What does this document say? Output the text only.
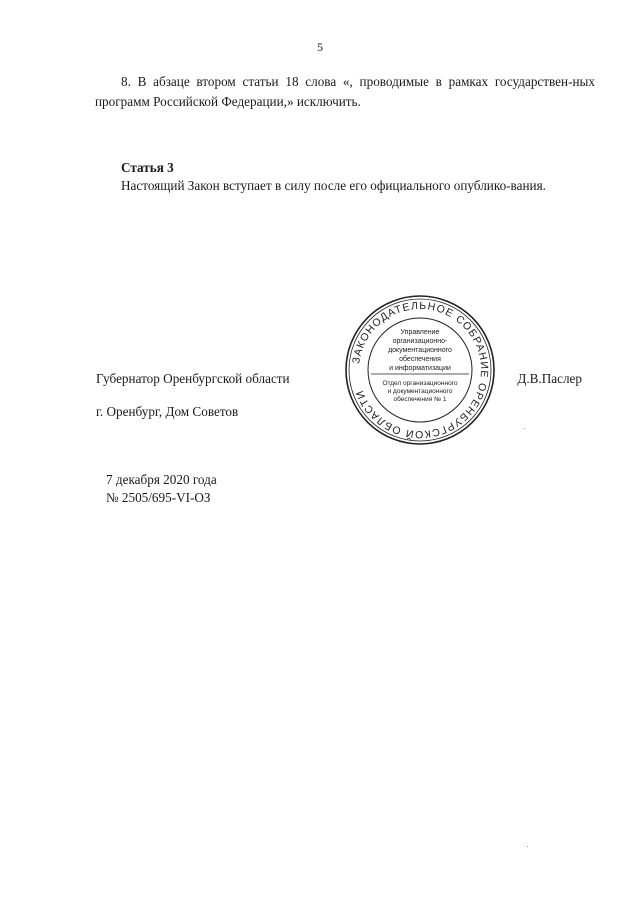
5
8. В абзаце втором статьи 18 слова «, проводимые в рамках государствен-ных программ Российской Федерации,» исключить.
Статья 3
Настоящий Закон вступает в силу после его официального опублико-вания.
Губернатор Оренбургской области	Д.В.Паслер
г. Оренбург, Дом Советов
7 декабря 2020 года
№ 2505/695-VI-ОЗ
ЗАКОНОДАТЕЛЬНОЕ СОБРАНИЕ ОРЕНБУРГСКОЙ ОБЛАСТИ
Управление
организационно-
документационного
обеспечения
и информатизации
Отдел организационного
и документационного
обеспечения № 1
